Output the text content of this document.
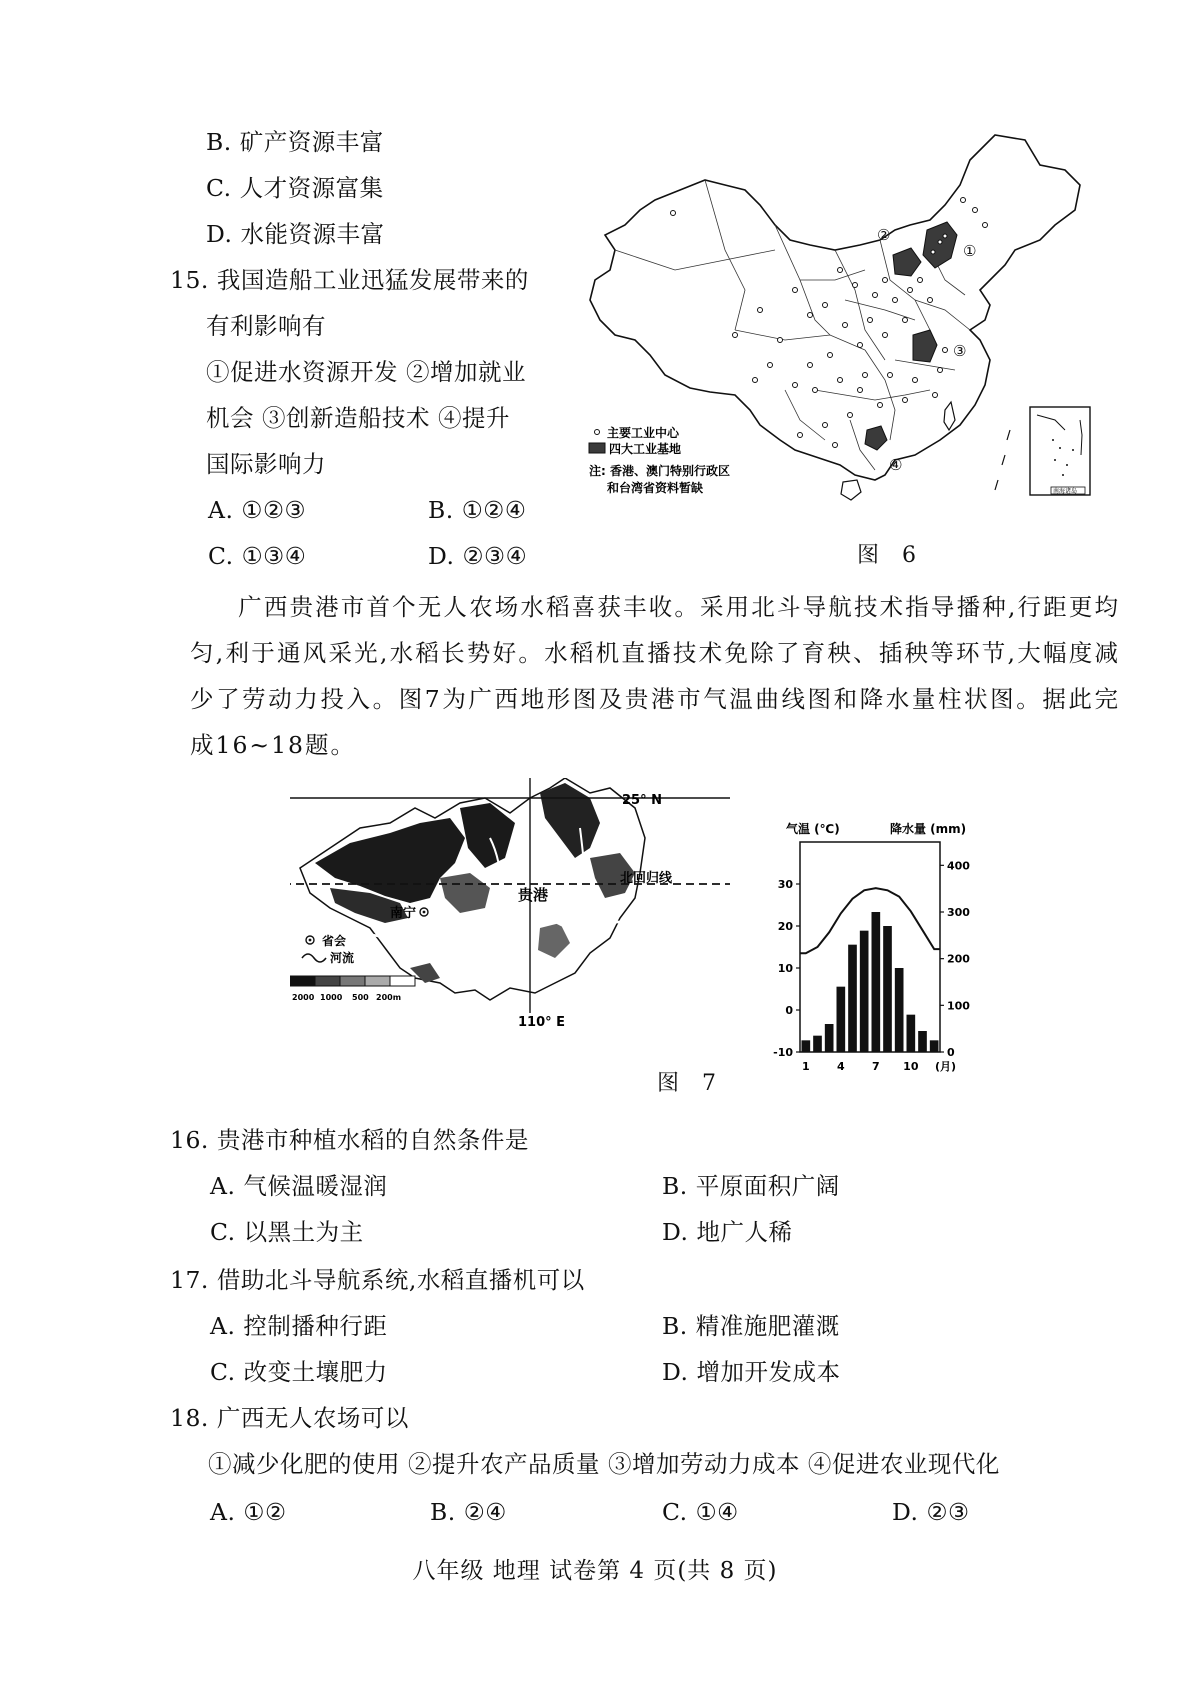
B. 矿产资源丰富
C. 人才资源富集
D. 水能资源丰富
15. 我国造船工业迅猛发展带来的
有利影响有
①促进水资源开发 ②增加就业
机会 ③创新造船技术 ④提升
国际影响力
A. ①②③	B. ①②④
C. ①③④	D. ②③④
①
②
③
④
主要工业中心
四大工业基地
注: 香港、澳门特别行政区
和台湾省资料暂缺	南海诸岛
图 6
广西贵港市首个无人农场水稻喜获丰收。采用北斗导航技术指导播种,行距更均匀,利于通风采光,水稻长势好。水稻机直播技术免除了育秧、插秧等环节,大幅度减少了劳动力投入。图7为广西地形图及贵港市气温曲线图和降水量柱状图。据此完成16~18题。
25° N
北回归线
110° E
南宁
贵港
省会
河流
2000 1000 500 200m
气温 (℃)	降水量 (mm)
-10
0
10
20
30
0
100
200
300
400
1 4 7 10 (月)
图 7
16. 贵港市种植水稻的自然条件是
A. 气候温暖湿润	B. 平原面积广阔
C. 以黑土为主	D. 地广人稀
17. 借助北斗导航系统,水稻直播机可以
A. 控制播种行距	B. 精准施肥灌溉
C. 改变土壤肥力	D. 增加开发成本
18. 广西无人农场可以
①减少化肥的使用 ②提升农产品质量 ③增加劳动力成本 ④促进农业现代化
A. ①②	B. ②④	C. ①④	D. ②③
八年级 地理 试卷第 4 页(共 8 页)
